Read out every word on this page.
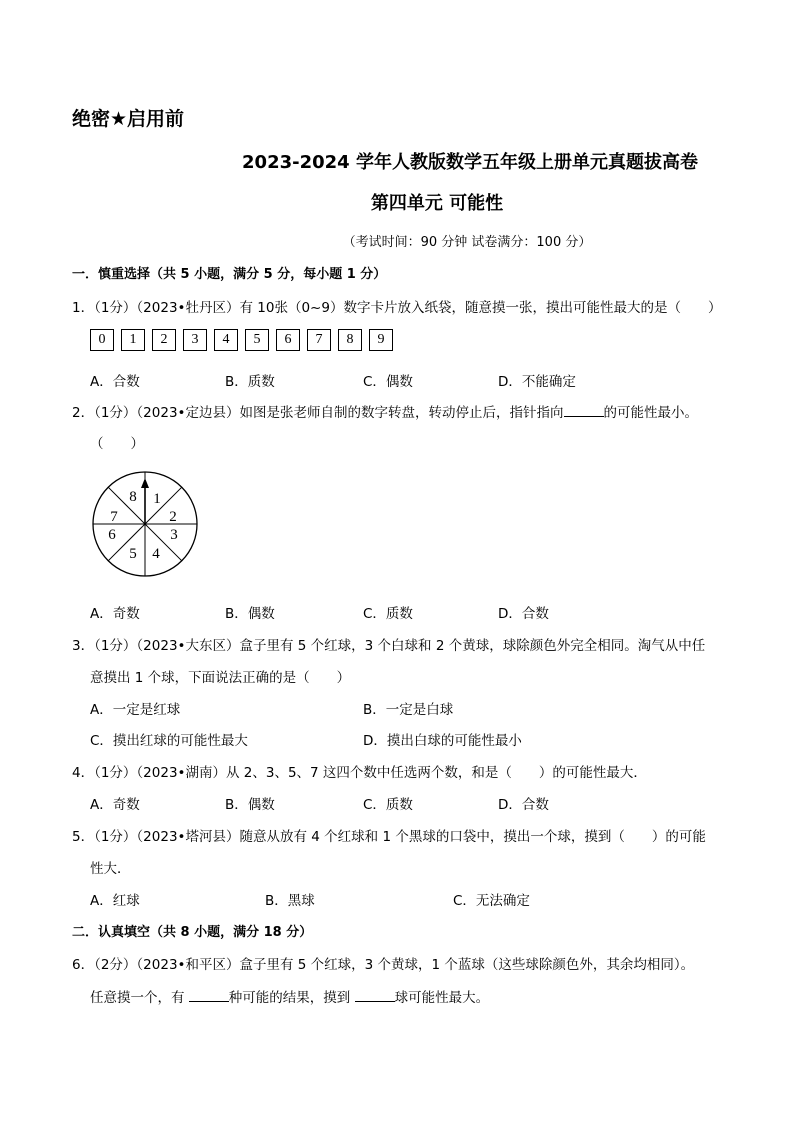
绝密★启用前
2023-2024 学年人教版数学五年级上册单元真题拔高卷
第四单元 可能性
（考试时间：90 分钟 试卷满分：100 分）
一．慎重选择（共 5 小题，满分 5 分，每小题 1 分）
1．（1分）（2023•牡丹区）有 10张（0~9）数字卡片放入纸袋，随意摸一张，摸出可能性最大的是（　　）
0	1	2	3	4	5	6	7	8	9
A．合数	B．质数	C．偶数	D．不能确定
2．（1分）（2023•定边县）如图是张老师自制的数字转盘，转动停止后，指针指向	的可能性最小。
（　　）
1
2
3
4
5
6
7
8
A．奇数	B．偶数	C．质数	D．合数
3．（1分）（2023•大东区）盒子里有 5 个红球，3 个白球和 2 个黄球，球除颜色外完全相同。淘气从中任
意摸出 1 个球，下面说法正确的是（　　）
A．一定是红球	B．一定是白球
C．摸出红球的可能性最大	D．摸出白球的可能性最小
4．（1分）（2023•湖南）从 2、3、5、7 这四个数中任选两个数，和是（　　）的可能性最大．
A．奇数	B．偶数	C．质数	D．合数
5．（1分）（2023•塔河县）随意从放有 4 个红球和 1 个黑球的口袋中，摸出一个球，摸到（　　）的可能
性大．
A．红球	B．黑球	C．无法确定
二．认真填空（共 8 小题，满分 18 分）
6．（2分）（2023•和平区）盒子里有 5 个红球，3 个黄球，1 个蓝球（这些球除颜色外，其余均相同）。
任意摸一个，有	种可能的结果，摸到	球可能性最大。
